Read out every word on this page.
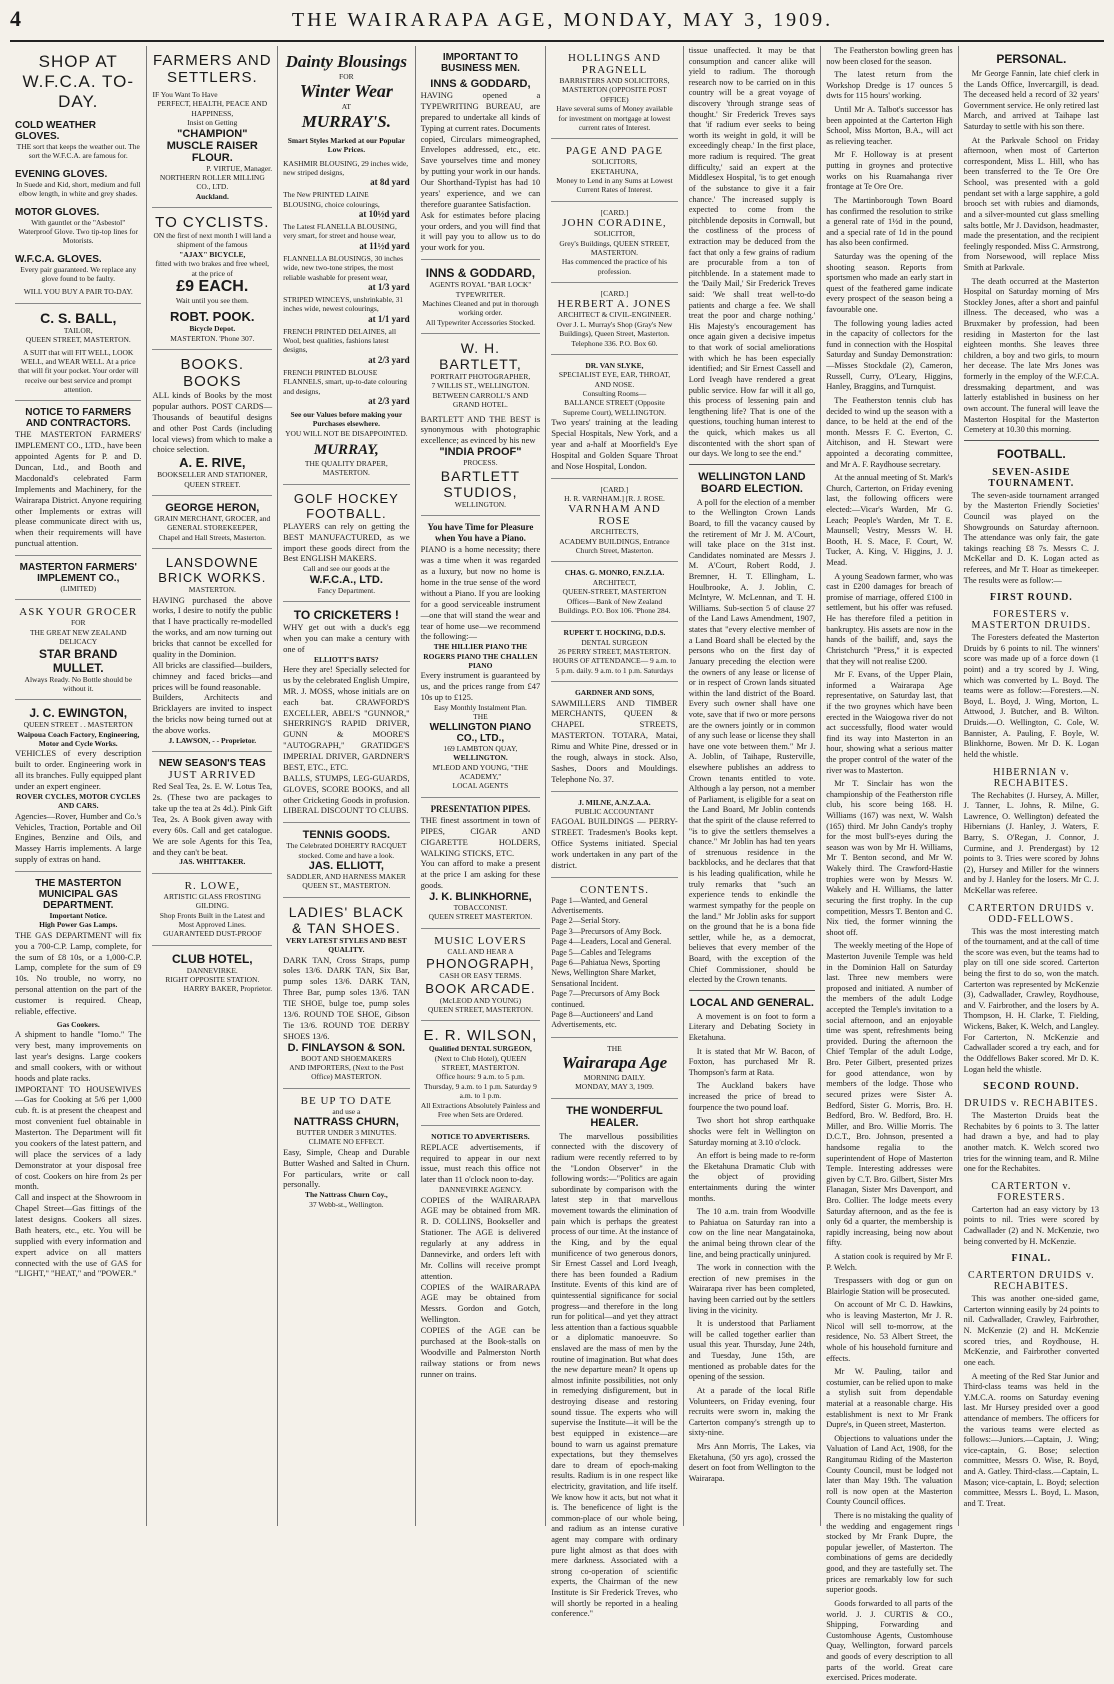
4	THE WAIRARAPA AGE, MONDAY, MAY 3, 1909.
SHOP AT W.F.C.A. TO-DAY.
COLD WEATHER GLOVES.
THE sort that keeps the weather out. The sort the W.F.C.A. are famous for.
EVENING GLOVES.
In Suede and Kid, short, medium and full elbow length, in white and grey shades.
MOTOR GLOVES.
With gauntlet or the "Asbestol" Waterproof Glove. Two tip-top lines for Motorists.
W.F.C.A. GLOVES.
Every pair guaranteed. We replace any glove found to be faulty.
WILL YOU BUY A PAIR TO-DAY.
C. S. BALL,
TAILOR,
QUEEN STREET, MASTERTON.
A SUIT that will FIT WELL, LOOK WELL, and WEAR WELL. At a price that will fit your pocket. Your order will receive our best service and prompt attention.
NOTICE TO FARMERS AND CONTRACTORS.
THE MASTERTON FARMERS' IMPLEMENT CO., LTD., have been appointed Agents for P. and D. Duncan, Ltd., and Booth and Macdonald's celebrated Farm Implements and Machinery, for the Wairarapa District. Anyone requiring other Implements or extras will please communicate direct with us, when their requirements will have punctual attention.
MASTERTON FARMERS' IMPLEMENT CO.,
(LIMITED)
ASK YOUR GROCER
FOR
THE GREAT NEW ZEALAND DELICACY
STAR BRAND MULLET.
Always Ready. No Bottle should be without it.
J. C. EWINGTON,
QUEEN STREET . . MASTERTON
Waipoua Coach Factory, Engineering, Motor and Cycle Works.
VEHICLES of every description built to order. Engineering work in all its branches. Fully equipped plant under an expert engineer.
ROVER CYCLES, MOTOR CYCLES AND CARS.
Agencies—Rover, Humber and Co.'s Vehicles, Traction, Portable and Oil Engines, Benzine and Oils, and Massey Harris implements. A large supply of extras on hand.
THE MASTERTON MUNICIPAL GAS DEPARTMENT.
Important Notice.
High Power Gas Lamps.
THE GAS DEPARTMENT will fix you a 700-C.P. Lamp, complete, for the sum of £8 10s, or a 1,000-C.P. Lamp, complete for the sum of £9 10s. No trouble, no worry, no personal attention on the part of the customer is required. Cheap, reliable, effective.
Gas Cookers.
A shipment to handle "Iomo." The very best, many improvements on last year's designs. Large cookers and small cookers, with or without hoods and plate racks.
IMPORTANT TO HOUSEWIVES—Gas for Cooking at 5/6 per 1,000 cub. ft. is at present the cheapest and most convenient fuel obtainable in Masterton. The Department will fit you cookers of the latest pattern, and will place the services of a lady Demonstrator at your disposal free of cost. Cookers on hire from 2s per month.
Call and inspect at the Showroom in Chapel Street—Gas fittings of the latest designs. Cookers all sizes. Bath heaters, etc., etc. You will be supplied with every information and expert advice on all matters connected with the use of GAS for "LIGHT," "HEAT," and "POWER."
FARMERS AND SETTLERS.
IF You Want To Have
PERFECT, HEALTH, PEACE AND HAPPINESS,
Insist on Getting
"CHAMPION" MUSCLE RAISER FLOUR.
P. VIRTUE, Manager.
NORTHERN ROLLER MILLING CO., LTD.
Auckland.
TO CYCLISTS.
ON the first of next month I will land a shipment of the famous
"AJAX" BICYCLE,
fitted with two brakes and free wheel, at the price of
£9 EACH.
Wait until you see them.
ROBT. POOK.
Bicycle Depot.
MASTERTON. 'Phone 307.
BOOKS. BOOKS
ALL kinds of Books by the most popular authors. POST CARDS—Thousands of beautiful designs and other Post Cards (including local views) from which to make a choice selection.
A. E. RIVE,
BOOKSELLER AND STATIONER, QUEEN STREET.
GEORGE HERON,
GRAIN MERCHANT, GROCER, and GENERAL STOREKEEPER,
Chapel and Hall Streets, Masterton.
LANSDOWNE BRICK WORKS.
MASTERTON.
HAVING purchased the above works, I desire to notify the public that I have practically re-modelled the works, and am now turning out bricks that cannot be excelled for quality in the Dominion.
All bricks are classified—builders, chimney and faced bricks—and prices will be found reasonable.
Builders, Architects and Bricklayers are invited to inspect the bricks now being turned out at the above works.
J. LAWSON, - - Proprietor.
NEW SEASON'S TEAS
JUST ARRIVED
Red Seal Tea, 2s. E. W. Lotus Tea, 2s. (These two are packages to take up the tea at 2s 4d.). Pink Gift Tea, 2s. A Book given away with every 60s. Call and get catalogue. We are sole Agents for this Tea, and they can't be beat.
JAS. WHITTAKER.
R. LOWE,
ARTISTIC GLASS FROSTING
GILDING.
Shop Fronts Built in the Latest and Most Approved Lines.
GUARANTEED DUST-PROOF
CLUB HOTEL,
DANNEVIRKE.
RIGHT OPPOSITE STATION.
HARRY BAKER, Proprietor.
Dainty Blousings
FOR
Winter Wear
AT
MURRAY'S.
Smart Styles Marked at our Popular Low Prices.
KASHMIR BLOUSING, 29 inches wide, new striped designs,
at 8d yard
The New PRINTED LAINE BLOUSING, choice colourings,
at 10½d yard
The Latest FLANELLA BLOUSING, very smart, for street and house wear,
at 11½d yard
FLANNELLA BLOUSINGS, 30 inches wide, new two-tone stripes, the most reliable washable for present wear,
at 1/3 yard
STRIPED WINCEYS, unshrinkable, 31 inches wide, newest colourings,
at 1/1 yard
FRENCH PRINTED DELAINES, all Wool, best qualities, fashions latest designs,
at 2/3 yard
FRENCH PRINTED BLOUSE FLANNELS, smart, up-to-date colouring and designs,
at 2/3 yard
See our Values before making your Purchases elsewhere.
YOU WILL NOT BE DISAPPOINTED.
MURRAY,
THE QUALITY DRAPER,
MASTERTON.
GOLF HOCKEY FOOTBALL.
PLAYERS can rely on getting the BEST MANUFACTURED, as we import these goods direct from the Best ENGLISH MAKERS.
Call and see our goods at the
W.F.C.A., LTD.
Fancy Department.
TO CRICKETERS !
WHY get out with a duck's egg when you can make a century with one of
ELLIOTT'S BATS?
Here they are! Specially selected for us by the celebrated English Umpire, MR. J. MOSS, whose initials are on each bat. CRAWFORD'S EXCELLER, ABEL'S "GUNNOR," SHERRING'S RAPID DRIVER, GUNN & MOORE'S "AUTOGRAPH," GRATIDGE'S IMPERIAL DRIVER, GARDNER'S BEST, ETC., ETC.
BALLS, STUMPS, LEG-GUARDS, GLOVES, SCORE BOOKS, and all other Cricketing Goods in profusion. LIBERAL DISCOUNT TO CLUBS.
TENNIS GOODS.
The Celebrated DOHERTY RACQUET stocked. Come and have a look.
JAS. ELLIOTT,
SADDLER, AND HARNESS MAKER QUEEN ST., MASTERTON.
LADIES' BLACK & TAN SHOES.
VERY LATEST STYLES AND BEST QUALITY.
DARK TAN, Cross Straps, pump soles 13/6. DARK TAN, Six Bar, pump soles 13/6. DARK TAN, Three Bar, pump soles 13/6. TAN TIE SHOE, bulge toe, pump soles 13/6. ROUND TOE SHOE, Gibson Tie 13/6. ROUND TOE DERBY SHOES 13/6.
D. FINLAYSON & SON.
BOOT AND SHOEMAKERS
AND IMPORTERS, (Next to the Post Office) MASTERTON.
BE UP TO DATE
and use a
NATTRASS CHURN,
BUTTER UNDER 3 MINUTES. CLIMATE NO EFFECT.
Easy, Simple, Cheap and Durable Butter Washed and Salted in Churn. For particulars, write or call personally.
The Nattrass Churn Coy.,
37 Webb-st., Wellington.
IMPORTANT TO BUSINESS MEN.
INNS & GODDARD,
HAVING opened a TYPEWRITING BUREAU, are prepared to undertake all kinds of Typing at current rates. Documents copied, Circulars mimeographed, Envelopes addressed, etc., etc. Save yourselves time and money by putting your work in our hands. Our Shorthand-Typist has had 10 years' experience, and we can therefore guarantee Satisfaction.
Ask for estimates before placing your orders, and you will find that it will pay you to allow us to do your work for you.
INNS & GODDARD,
AGENTS ROYAL "BAR LOCK" TYPEWRITER.
Machines Cleaned and put in thorough working order.
All Typewriter Accessories Stocked.
W. H. BARTLETT,
PORTRAIT PHOTOGRAPHER,
7 WILLIS ST., WELLINGTON.
BETWEEN CARROLL'S AND GRAND HOTEL.
BARTLETT AND THE BEST is synonymous with photographic excellence; as evinced by his new
"INDIA PROOF"
PROCESS.
BARTLETT STUDIOS,
WELLINGTON.
You have Time for Pleasure when You have a Piano.
PIANO is a home necessity; there was a time when it was regarded as a luxury, but now no home is home in the true sense of the word without a Piano. If you are looking for a good serviceable instrument—one that will stand the wear and tear of home use—we recommend the following:—
THE HILLIER PIANO THE ROGERS PIANO THE CHALLEN PIANO
Every instrument is guaranteed by us, and the prices range from £47 10s up to £125.
Easy Monthly Instalment Plan.
THE
WELLINGTON PIANO CO., LTD.,
169 LAMBTON QUAY,
WELLINGTON.
M'LEOD AND YOUNG, "THE ACADEMY,"
LOCAL AGENTS
PRESENTATION PIPES.
THE finest assortment in town of PIPES, CIGAR AND CIGARETTE HOLDERS, WALKING STICKS, ETC.
You can afford to make a present at the price I am asking for these goods.
J. K. BLINKHORNE,
TOBACCONIST.
QUEEN STREET MASTERTON.
MUSIC LOVERS
CALL AND HEAR A
PHONOGRAPH,
CASH OR EASY TERMS.
BOOK ARCADE.
(McLEOD AND YOUNG)
QUEEN STREET, MASTERTON.
E. R. WILSON,
Qualified DENTAL SURGEON,
(Next to Club Hotel), QUEEN STREET, MASTERTON.
Office hours: 9 a.m. to 5 p.m. Thursday, 9 a.m. to 1 p.m. Saturday 9 a.m. to 1 p.m.
All Extractions Absolutely Painless and Free when Sets are Ordered.
NOTICE TO ADVERTISERS.
REPLACE advertisements, if required to appear in our next issue, must reach this office not later than 11 o'clock noon to-day.
DANNEVIRKE AGENCY.
COPIES of the WAIRARAPA AGE may be obtained from MR. R. D. COLLINS, Bookseller and Stationer. The AGE is delivered regularly at any address in Dannevirke, and orders left with Mr. Collins will receive prompt attention.
COPIES of the WAIRARAPA AGE may be obtained from Messrs. Gordon and Gotch, Wellington.
COPIES of the AGE can be purchased at the Book-stalls on Woodville and Palmerston North railway stations or from news runner on trains.
HOLLINGS AND PRAGNELL
BARRISTERS AND SOLICITORS,
MASTERTON (OPPOSITE POST OFFICE)
Have several sums of Money available for investment on mortgage at lowest current rates of Interest.
PAGE AND PAGE
SOLICITORS,
EKETAHUNA,
Money to Lend in any Sums at Lowest Current Rates of Interest.
[CARD.]
JOHN CORADINE,
SOLICITOR,
Grey's Buildings, QUEEN STREET, MASTERTON.
Has commenced the practice of his profession.
[CARD.]
HERBERT A. JONES
ARCHITECT & CIVIL-ENGINEER.
Over J. L. Murray's Shop (Gray's New Buildings), Queen Street, Masterton. Telephone 336. P.O. Box 60.
DR. VAN SLYKE,
SPECIALIST EYE, EAR, THROAT, AND NOSE.
Consulting Rooms—
BALLANCE STREET (Opposite Supreme Court), WELLINGTON.
Two years' training at the leading Special Hospitals, New York, and a year and a-half at Moorfield's Eye Hospital and Golden Square Throat and Nose Hospital, London.
[CARD.]
H. R. VARNHAM.] [R. J. ROSE.
VARNHAM AND ROSE
ARCHITECTS,
ACADEMY BUILDINGS, Entrance Church Street, Masterton.
CHAS. G. MONRO, F.N.Z.I.A.
ARCHITECT,
QUEEN-STREET, MASTERTON
Offices—Bank of New Zealand Buildings. P.O. Box 106. 'Phone 284.
RUPERT T. HOCKING, D.D.S.
DENTAL SURGEON
26 PERRY STREET, MASTERTON.
HOURS OF ATTENDANCE— 9 a.m. to 5 p.m. daily. 9 a.m. to 1 p.m. Saturdays
GARDNER AND SONS,
SAWMILLERS AND TIMBER MERCHANTS, QUEEN & CHAPEL STREETS, MASTERTON. TOTARA, Matai, Rimu and White Pine, dressed or in the rough, always in stock. Also, Sashes, Doors and Mouldings. Telephone No. 37.
J. MILNE, A.N.Z.A.A.
PUBLIC ACCOUNTANT
FAGOAL BUILDINGS — PERRY-STREET. Tradesmen's Books kept. Office Systems initiated. Special work undertaken in any part of the district.
CONTENTS.
Page 1—Wanted, and General Advertisements.
Page 2—Serial Story.
Page 3—Precursors of Amy Bock.
Page 4—Leaders, Local and General.
Page 5—Cables and Telegrams
Page 6—Pahiatua News, Sporting News, Wellington Share Market, Sensational Incident.
Page 7—Precursors of Amy Bock continued.
Page 8—Auctioneers' and Land Advertisements, etc.
THE
Wairarapa Age
MORNING DAILY.
MONDAY, MAY 3, 1909.
THE WONDERFUL HEALER.

The marvellous possibilities connected with the discovery of radium were recently referred to by the "London Observer" in the following words:—"Politics are again subordinate by comparison with the latest step in that marvellous movement towards the elimination of pain which is perhaps the greatest process of our time. At the instance of the King, and by the equal munificence of two generous donors, Sir Ernest Cassel and Lord Iveagh, there has been founded a Radium Institute. Events of this kind are of quintessential significance for social progress—and therefore in the long run for political—and yet they attract less attention than a factious squabble or a diplomatic manoeuvre. So enslaved are the mass of men by the routine of imagination. But what does the new departure mean? It opens up almost infinite possibilities, not only in remedying disfigurement, but in destroying disease and restoring sound tissue. The experts who will supervise the Institute—it will be the best equipped in existence—are bound to warn us against premature expectations, but they themselves dare to dream of epoch-making results. Radium is in one respect like electricity, gravitation, and life itself. We know how it acts, but not what it is. The beneficence of light is the common-place of our whole being, and radium as an intense curative agent may compare with ordinary pure light almost as that does with mere darkness. Associated with a strong co-operation of scientific experts, the Chairman of the new Institute is Sir Frederick Treves, who will shortly be reported in a healing conference."

tissue unaffected. It may be that consumption and cancer alike will yield to radium. The thorough research now to be carried on in this country will be a great voyage of discovery 'through strange seas of thought.' Sir Frederick Treves says that 'if radium ever seeks to being worth its weight in gold, it will be exceedingly cheap.' In the first place, more radium is required. 'The great difficulty,' said an expert at the Middlesex Hospital, 'is to get enough of the substance to give it a fair chance.' The increased supply is expected to come from the pitchblende deposits in Cornwall, but the costliness of the process of extraction may be deduced from the fact that only a few grains of radium are procurable from a ton of pitchblende. In a statement made to the 'Daily Mail,' Sir Frederick Treves said: 'We shall treat well-to-do patients and charge a fee. We shall treat the poor and charge nothing.' His Majesty's encouragement has once again given a decisive impetus to that work of social ameliorations with which he has been especially identified; and Sir Ernest Cassell and Lord Iveagh have rendered a great public service. How far will it all go, this process of lessening pain and lengthening life? That is one of the questions, touching human interest to the quick, which makes us all discontented with the short span of our days. We long to see the end."

WELLINGTON LAND BOARD ELECTION.

A poll for the election of a member to the Wellington Crown Lands Board, to fill the vacancy caused by the retirement of Mr J. M. A'Court, will take place on the 31st inst. Candidates nominated are Messrs J. M. A'Court, Robert Rodd, J. Bremner, H. T. Ellingham, L. Houlbrooke, A. J. Joblin, C. McIntyre, W. McLennan, and T. H. Williams. Sub-section 5 of clause 27 of the Land Laws Amendment, 1907, states that "every elective member of a Land Board shall be elected by the persons who on the first day of January preceding the election were the owners of any lease or license of or in respect of Crown lands situated within the land district of the Board. Every such owner shall have one vote, save that if two or more persons are the owners jointly or in common of any such lease or license they shall have one vote between them." Mr J. A. Joblin, of Taihape, Rusterville, elsewhere publishes an address to Crown tenants entitled to vote. Although a lay person, not a member of Parliament, is eligible for a seat on the Land Board, Mr Joblin contends that the spirit of the clause referred to "is to give the settlers themselves a chance." Mr Joblin has had ten years of strenuous residence in the backblocks, and he declares that that is his leading qualification, while he truly remarks that "such an experience tends to enkindle the warmest sympathy for the people on the land." Mr Joblin asks for support on the ground that he is a bona fide settler, while he, as a democrat, believes that every member of the Board, with the exception of the Chief Commissioner, should be elected by the Crown tenants.

LOCAL AND GENERAL.

A movement is on foot to form a Literary and Debating Society in Eketahuna.

It is stated that Mr W. Bacon, of Foxton, has purchased Mr R. Thompson's farm at Rata.

The Auckland bakers have increased the price of bread to fourpence the two pound loaf.

Two short hot shrop earthquake shocks were felt in Wellington on Saturday morning at 3.10 o'clock.

An effort is being made to re-form the Eketahuna Dramatic Club with the object of providing entertainments during the winter months.

The 10 a.m. train from Woodville to Pahiatua on Saturday ran into a cow on the line near Mangatainoka, the animal being thrown clear of the line, and being practically uninjured.

The work in connection with the erection of new premises in the Wairarapa river has been completed, having been carried out by the settlers living in the vicinity.

It is understood that Parliament will be called together earlier than usual this year. Thursday, June 24th, and Tuesday, June 15th, are mentioned as probable dates for the opening of the session.

At a parade of the local Rifle Volunteers, on Friday evening, four recruits were sworn in, making the Carterton company's strength up to sixty-nine.

Mrs Ann Morris, The Lakes, via Eketahuna, (50 yrs ago), crossed the desert on foot from Wellington to the Wairarapa.

The Featherston bowling green has now been closed for the season.

The latest return from the Workshop Dredge is 17 ounces 5 dwts for 115 hours' working.

Until Mr A. Talbot's successor has been appointed at the Carterton High School, Miss Morton, B.A., will act as relieving teacher.

Mr F. Holloway is at present putting in groynes and protective works on his Ruamahanga river frontage at Te Ore Ore.

The Martinborough Town Board has confirmed the resolution to strike a general rate of 1½d in the pound, and a special rate of 1d in the pound has also been confirmed.

Saturday was the opening of the shooting season. Reports from sportsmen who made an early start in quest of the feathered game indicate every prospect of the season being a favourable one.

The following young ladies acted in the capacity of collectors for the fund in connection with the Hospital Saturday and Sunday Demonstration:—Misses Stockdale (2), Cameron, Russell, Curry, O'Leary, Higgins, Hanley, Braggins, and Turnquist.

The Featherston tennis club has decided to wind up the season with a dance, to be held at the end of the month. Messrs F. C. Everton, C. Aitchison, and H. Stewart were appointed a decorating committee, and Mr A. F. Raydhouse secretary.

At the annual meeting of St. Mark's Church, Carterton, on Friday evening last, the following officers were elected:—Vicar's Warden, Mr G. Leach; People's Warden, Mr T. E. Maunsell; Vestry, Messrs W. H. Booth, H. S. Mace, F. Court, W. Tucker, A. King, V. Higgins, J. J. Mead.

A young Seadown farmer, who was cast in £200 damages for breach of promise of marriage, offered £100 in settlement, but his offer was refused. He has therefore filed a petition in bankruptcy. His assets are now in the hands of the bailiff, and, says the Christchurch "Press," it is expected that they will not realise £200.

Mr F. Evans, of the Upper Plain, informed a Wairarapa Age representative, on Saturday last, that if the two groynes which have been erected in the Waiogowa river do not act successfully, flood water would find its way into Masterton in an hour, showing what a serious matter the proper control of the water of the river was to Masterton.

Mr T. Sinclair has won the championship of the Featherston rifle club, his score being 168. H. Williams (167) was next, W. Walsh (165) third. Mr John Candy's trophy for the most bull's-eyes during the season was won by Mr H. Williams, Mr T. Benton second, and Mr W. Wakely third. The Crawford-Hastie trophies were won by Messrs W. Wakely and H. Williams, the latter securing the first trophy. In the cup competition, Messrs T. Benton and C. Nix tied, the former winning the shoot off.

The weekly meeting of the Hope of Masterton Juvenile Temple was held in the Dominion Hall on Saturday last. Three new members were proposed and initiated. A number of the members of the adult Lodge accepted the Temple's invitation to a social afternoon, and an enjoyable time was spent, refreshments being provided. During the afternoon the Chief Templar of the adult Lodge, Bro. Peter Gilbert, presented prizes for good attendance, won by members of the lodge. Those who secured prizes were Sister A. Bedford, Sister G. Morris, Bro. H. Bedford, Bro. W. Bedford, Bro. H. Miller, and Bro. Willie Morris. The D.C.T., Bro. Johnson, presented a handsome regalia to the superintendent of Hope of Masterton Temple. Interesting addresses were given by C.T. Bro. Gilbert, Sister Mrs Flanagan, Sister Mrs Davenport, and Bro. Collier. The lodge meets every Saturday afternoon, and as the fee is only 6d a quarter, the membership is rapidly increasing, being now about fifty.

A station cook is required by Mr F. P. Welch.

Trespassers with dog or gun on Blairlogie Station will be prosecuted.

On account of Mr C. D. Hawkins, who is leaving Masterton, Mr J. R. Nicol will sell to-morrow, at the residence, No. 53 Albert Street, the whole of his household furniture and effects.

Mr W. Pauling, tailor and costumier, can be relied upon to make a stylish suit from dependable material at a reasonable charge. His establishment is next to Mr Frank Dupre's, in Queen street, Masterton.

Objections to valuations under the Valuation of Land Act, 1908, for the Rangitumau Riding of the Masterton County Council, must be lodged not later than May 19th. The valuation roll is now open at the Masterton County Council offices.

There is no mistaking the quality of the wedding and engagement rings stocked by Mr Frank Dupre, the popular jeweller, of Masterton. The combinations of gems are decidedly good, and they are tastefully set. The prices are remarkably low for such superior goods.

Goods forwarded to all parts of the world. J. J. CURTIS & CO., Shipping, Forwarding and Customhouse Agents, Customhouse Quay, Wellington, forward parcels and goods of every description to all parts of the world. Great care exercised. Prices moderate.

PERSONAL.

Mr George Fannin, late chief clerk in the Lands Office, Invercargill, is dead. The deceased held a record of 32 years' Government service. He only retired last March, and arrived at Taihape last Saturday to settle with his son there.

At the Parkvale School on Friday afternoon, when most of Carterton correspondent, Miss L. Hill, who has been transferred to the Te Ore Ore School, was presented with a gold pendant set with a large sapphire, a gold brooch set with rubies and diamonds, and a silver-mounted cut glass smelling salts bottle, Mr J. Davidson, headmaster, made the presentation, and the recipient feelingly responded. Miss C. Armstrong, from Norsewood, will replace Miss Smith at Parkvale.

The death occurred at the Masterton Hospital on Saturday morning of Mrs Stockley Jones, after a short and painful illness. The deceased, who was a Bruxmaker by profession, had been residing in Masterton for the last eighteen months. She leaves three children, a boy and two girls, to mourn her decease. The late Mrs Jones was formerly in the employ of the W.F.C.A. dressmaking department, and was latterly established in business on her own account. The funeral will leave the Masterton Hospital for the Masterton Cemetery at 10.30 this morning.

FOOTBALL.
SEVEN-ASIDE TOURNAMENT.

The seven-aside tournament arranged by the Masterton Friendly Societies' Council was played on the Showgrounds on Saturday afternoon. The attendance was only fair, the gate takings reaching £8 7s. Messrs C. J. McKellar and D. K. Logan acted as referees, and Mr T. Hoar as timekeeper. The results were as follow:—

FIRST ROUND.
FORESTERS v. MASTERTON DRUIDS.

The Foresters defeated the Masterton Druids by 6 points to nil. The winners' score was made up of a force down (1 point) and a try scored by J. Wing, which was converted by L. Boyd. The teams were as follow:—Foresters.—N. Boyd, L. Boyd, J. Wing, Morton, L. Attwood, J. Butcher, and B. Wilton. Druids.—O. Wellington, C. Cole, W. Bannister, A. Pauling, F. Boyle, W. Blinkhorne, Bowen. Mr D. K. Logan held the whistle.

HIBERNIAN v. RECHABITES.

The Rechabites (J. Hursey, A. Miller, J. Tanner, L. Johns, R. Milne, G. Lawrence, O. Wellington) defeated the Hibernians (J. Hanley, J. Waters, F. Barry, S. O'Regan, J. Connor, J. Curmine, and J. Prendergast) by 12 points to 3. Tries were scored by Johns (2), Hursey and Miller for the winners and by J. Hanley for the losers. Mr C. J. McKellar was referee.

CARTERTON DRUIDS v. ODD-FELLOWS.

This was the most interesting match of the tournament, and at the call of time the score was even, but the teams had to play on till one side scored. Carterton being the first to do so, won the match. Carterton was represented by McKenzie (3), Cadwallader, Crawley, Roydhouse, and V. Fairbrother, and the losers by A. Thompson, H. H. Clarke, T. Fielding, Wickens, Baker, K. Welch, and Langley. For Carterton, N. McKenzie and Cadwallader scored a try each, and for the Oddfellows Baker scored. Mr D. K. Logan held the whistle.

SECOND ROUND.
DRUIDS v. RECHABITES.

The Masterton Druids beat the Rechabites by 6 points to 3. The latter had drawn a bye, and had to play another match. K. Welch scored two tries for the winning team, and R. Milne one for the Rechabites.

CARTERTON v. FORESTERS.

Carterton had an easy victory by 13 points to nil. Tries were scored by Cadwallader (2) and N. McKenzie, two being converted by H. McKenzie.

FINAL.
CARTERTON DRUIDS v. RECHABITES.

This was another one-sided game, Carterton winning easily by 24 points to nil. Cadwallader, Crawley, Fairbrother, N. McKenzie (2) and H. McKenzie scored tries, and Roydhouse, H. McKenzie, and Fairbrother converted one each.

A meeting of the Red Star Junior and Third-class teams was held in the Y.M.C.A. rooms on Saturday evening last. Mr Hursey presided over a good attendance of members. The officers for the various teams were elected as follows:—Juniors.—Captain, J. Wing; vice-captain, G. Bose; selection committee, Messrs O. Wise, R. Boyd, and A. Gatley. Third-class.—Captain, L. Mason; vice-captain, L. Boyd; selection committee, Messrs L. Boyd, L. Mason, and T. Treat.
